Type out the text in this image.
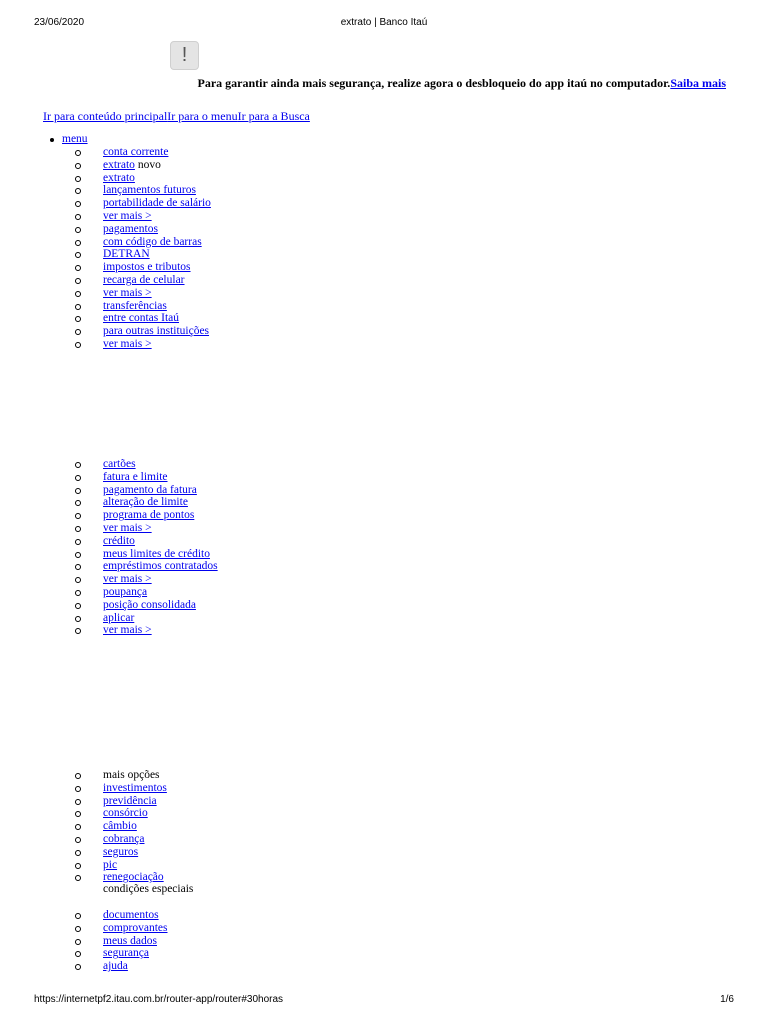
23/06/2020	extrato | Banco Itaú
!
Para garantir ainda mais segurança, realize agora o desbloqueio do app itaú no computador.Saiba mais
Ir para conteúdo principalIr para o menuIr para a Busca
menu
conta corrente
extrato novo
extrato
lançamentos futuros
portabilidade de salário
ver mais >
pagamentos
com código de barras
DETRAN
impostos e tributos
recarga de celular
ver mais >
transferências
entre contas Itaú
para outras instituições
ver mais >
cartões
fatura e limite
pagamento da fatura
alteração de limite
programa de pontos
ver mais >
crédito
meus limites de crédito
empréstimos contratados
ver mais >
poupança
posição consolidada
aplicar
ver mais >
mais opções
investimentos
previdência
consórcio
câmbio
cobrança
seguros
pic
renegociação
condições especiais
documentos
comprovantes
meus dados
segurança
ajuda
https://internetpf2.itau.com.br/router-app/router#30horas	1/6
